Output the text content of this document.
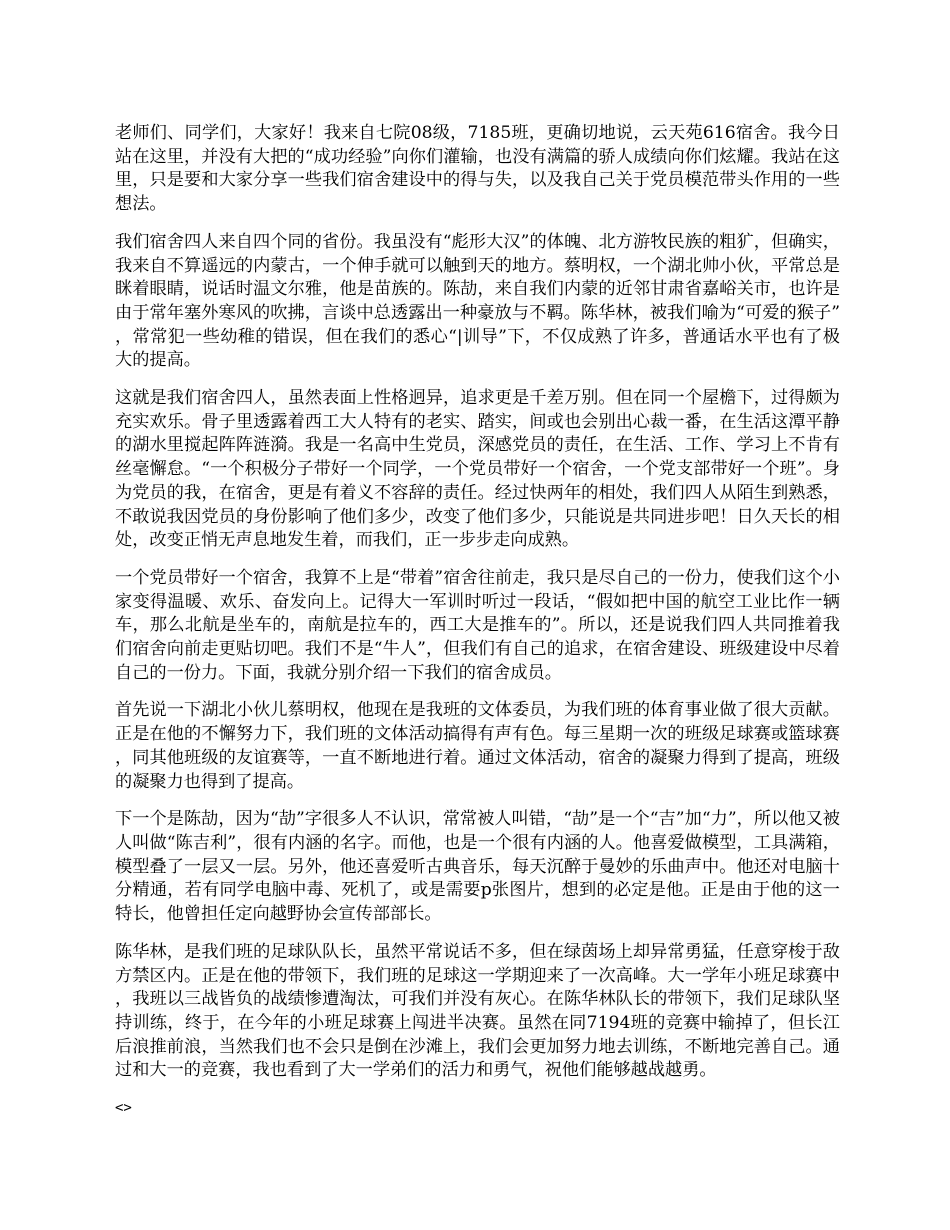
老师们、同学们，大家好！我来自七院08级，7185班，更确切地说，云天苑616宿舍。我今日站在这里，并没有大把的“成功经验”向你们灌输，也没有满篇的骄人成绩向你们炫耀。我站在这里，只是要和大家分享一些我们宿舍建设中的得与失，以及我自己关于党员模范带头作用的一些想法。

我们宿舍四人来自四个同的省份。我虽没有“彪形大汉”的体魄、北方游牧民族的粗犷，但确实，我来自不算遥远的内蒙古，一个伸手就可以触到天的地方。蔡明权，一个湖北帅小伙，平常总是眯着眼睛，说话时温文尔雅，他是苗族的。陈劼，来自我们内蒙的近邻甘肃省嘉峪关市，也许是由于常年塞外寒风的吹拂，言谈中总透露出一种豪放与不羁。陈华林，被我们喻为“可爱的猴子”，常常犯一些幼稚的错误，但在我们的悉心“|训导”下，不仅成熟了许多，普通话水平也有了极大的提高。

这就是我们宿舍四人，虽然表面上性格迥异，追求更是千差万别。但在同一个屋檐下，过得颇为充实欢乐。骨子里透露着西工大人特有的老实、踏实，间或也会别出心裁一番，在生活这潭平静的湖水里搅起阵阵涟漪。我是一名高中生党员，深感党员的责任，在生活、工作、学习上不肯有丝毫懈怠。“一个积极分子带好一个同学，一个党员带好一个宿舍，一个党支部带好一个班”。身为党员的我，在宿舍，更是有着义不容辞的责任。经过快两年的相处，我们四人从陌生到熟悉，不敢说我因党员的身份影响了他们多少，改变了他们多少，只能说是共同进步吧！日久天长的相处，改变正悄无声息地发生着，而我们，正一步步走向成熟。

一个党员带好一个宿舍，我算不上是“带着”宿舍往前走，我只是尽自己的一份力，使我们这个小家变得温暖、欢乐、奋发向上。记得大一军训时听过一段话，“假如把中国的航空工业比作一辆车，那么北航是坐车的，南航是拉车的，西工大是推车的”。所以，还是说我们四人共同推着我们宿舍向前走更贴切吧。我们不是“牛人”，但我们有自己的追求，在宿舍建设、班级建设中尽着自己的一份力。下面，我就分别介绍一下我们的宿舍成员。

首先说一下湖北小伙儿蔡明权，他现在是我班的文体委员，为我们班的体育事业做了很大贡献。正是在他的不懈努力下，我们班的文体活动搞得有声有色。每三星期一次的班级足球赛或篮球赛，同其他班级的友谊赛等，一直不断地进行着。通过文体活动，宿舍的凝聚力得到了提高，班级的凝聚力也得到了提高。

下一个是陈劼，因为“劼”字很多人不认识，常常被人叫错，“劼”是一个“吉”加“力”，所以他又被人叫做“陈吉利”，很有内涵的名字。而他，也是一个很有内涵的人。他喜爱做模型，工具满箱，模型叠了一层又一层。另外，他还喜爱听古典音乐，每天沉醉于曼妙的乐曲声中。他还对电脑十分精通，若有同学电脑中毒、死机了，或是需要p张图片，想到的必定是他。正是由于他的这一特长，他曾担任定向越野协会宣传部部长。

陈华林，是我们班的足球队队长，虽然平常说话不多，但在绿茵场上却异常勇猛，任意穿梭于敌方禁区内。正是在他的带领下，我们班的足球这一学期迎来了一次高峰。大一学年小班足球赛中，我班以三战皆负的战绩惨遭淘汰，可我们并没有灰心。在陈华林队长的带领下，我们足球队坚持训练，终于，在今年的小班足球赛上闯进半决赛。虽然在同7194班的竞赛中输掉了，但长江后浪推前浪，当然我们也不会只是倒在沙滩上，我们会更加努力地去训练，不断地完善自己。通过和大一的竞赛，我也看到了大一学弟们的活力和勇气，祝他们能够越战越勇。

<>
